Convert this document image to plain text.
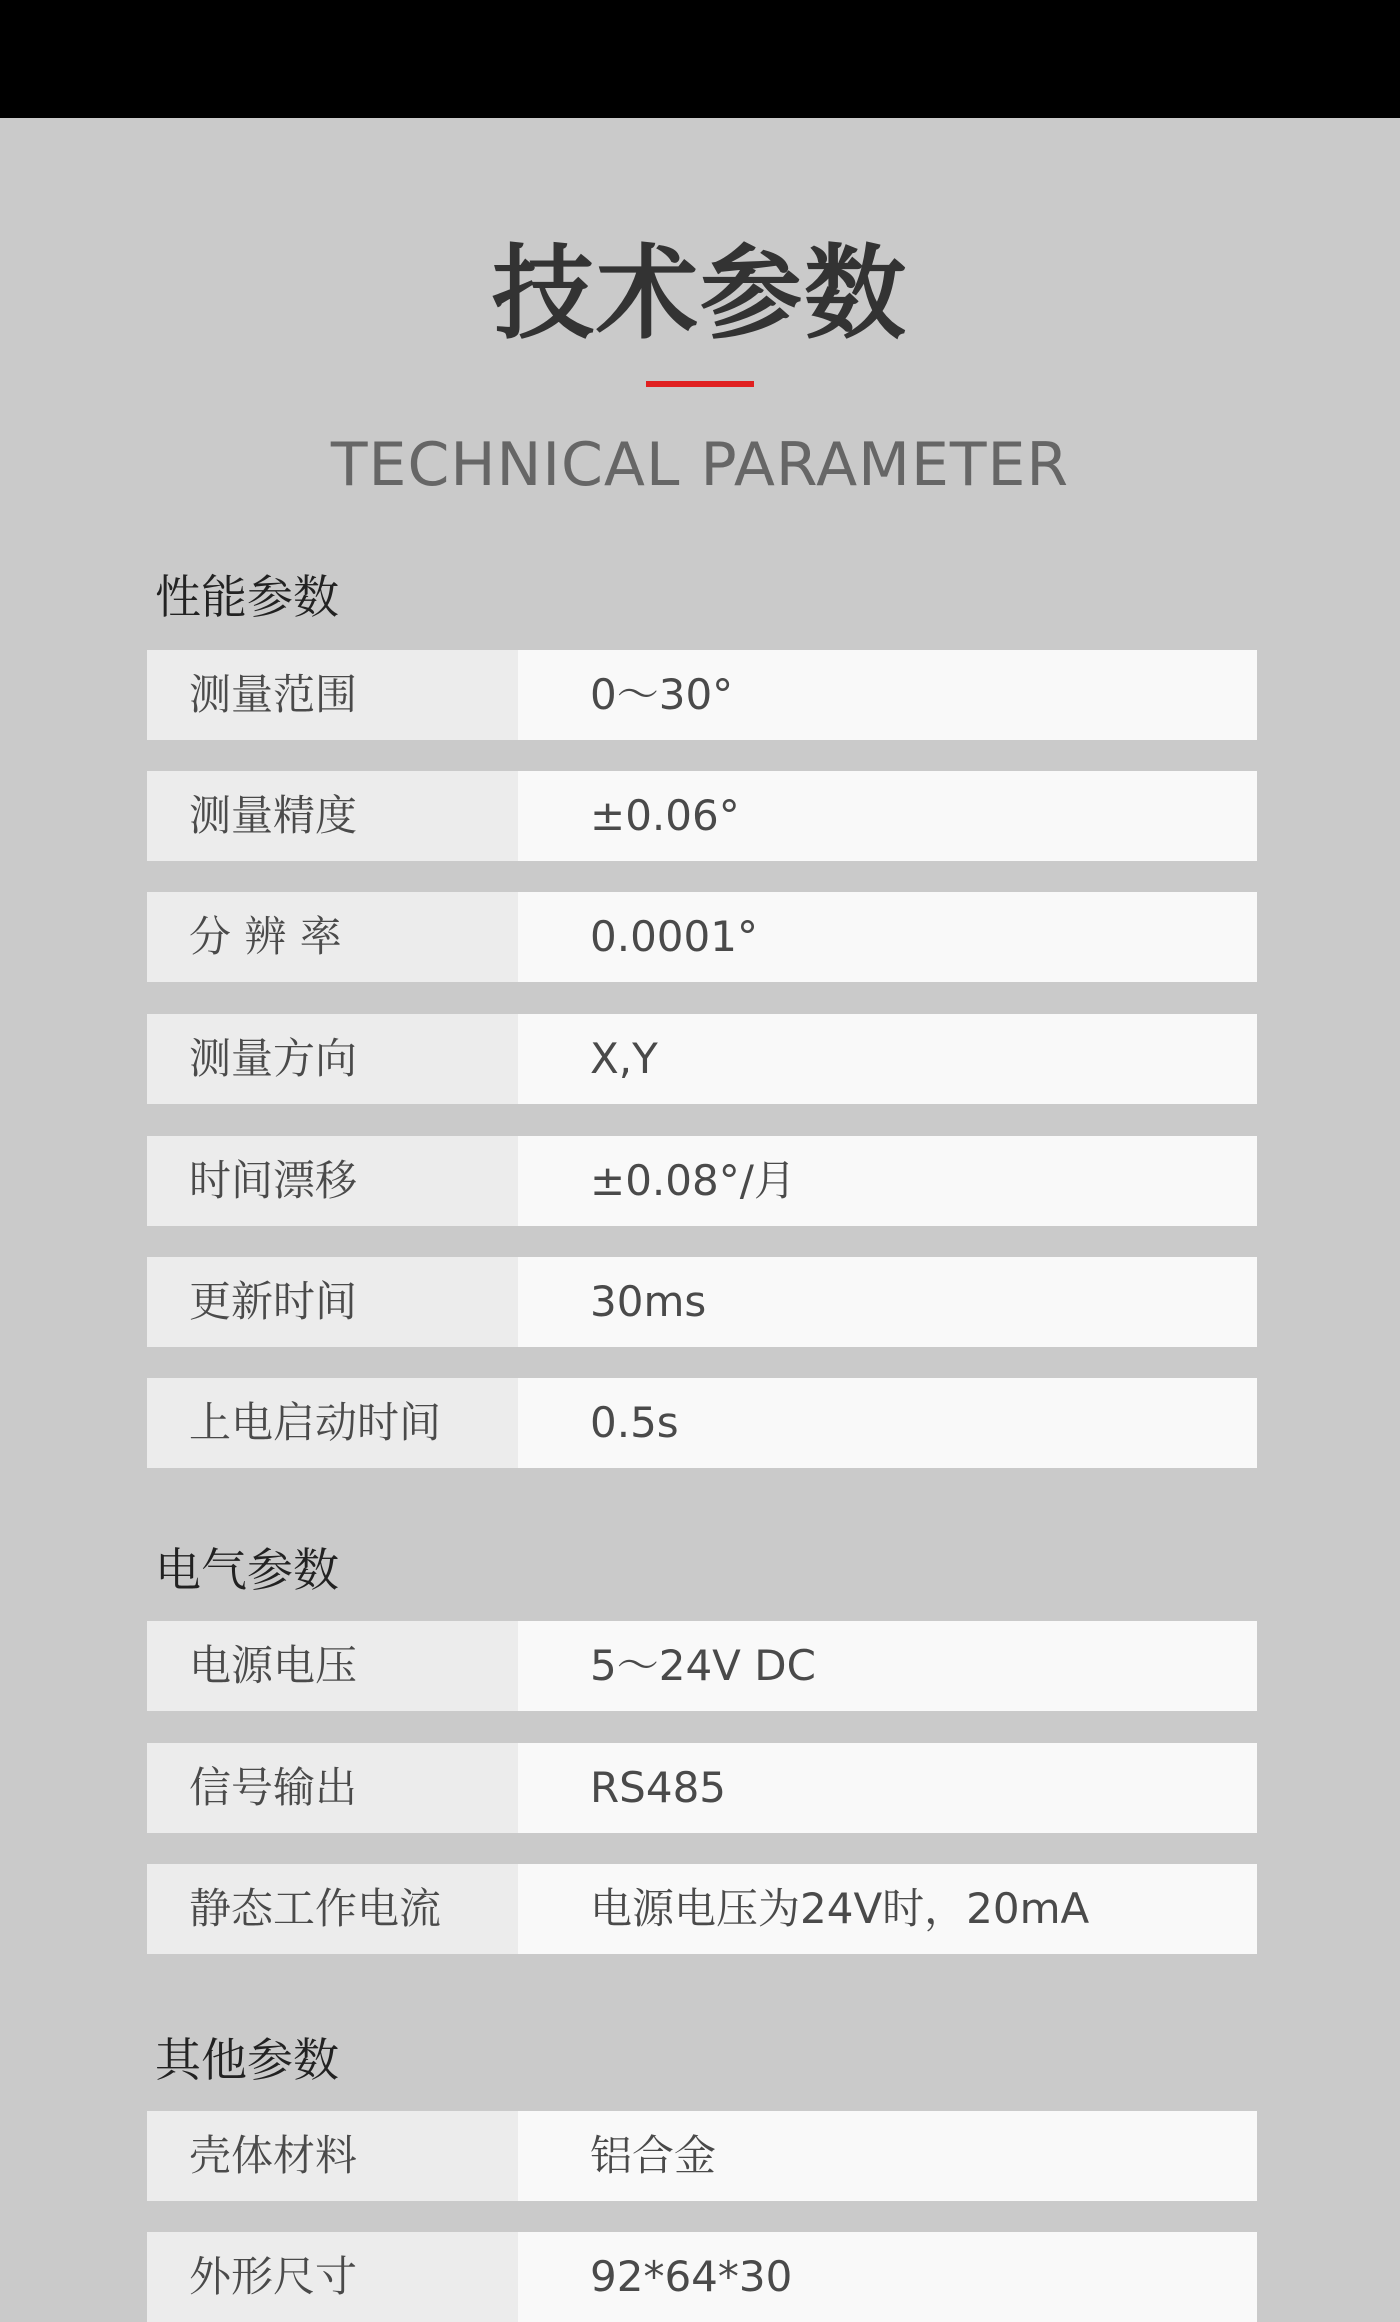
技术参数
TECHNICAL PARAMETER
性能参数
测量范围	0～30°
测量精度	±0.06°
分 辨 率	0.0001°
测量方向	X,Y
时间漂移	±0.08°/月
更新时间	30ms
上电启动时间	0.5s
电气参数
电源电压	5～24V DC
信号输出	RS485
静态工作电流	电源电压为24V时，20mA
其他参数
壳体材料	铝合金
外形尺寸	92*64*30
